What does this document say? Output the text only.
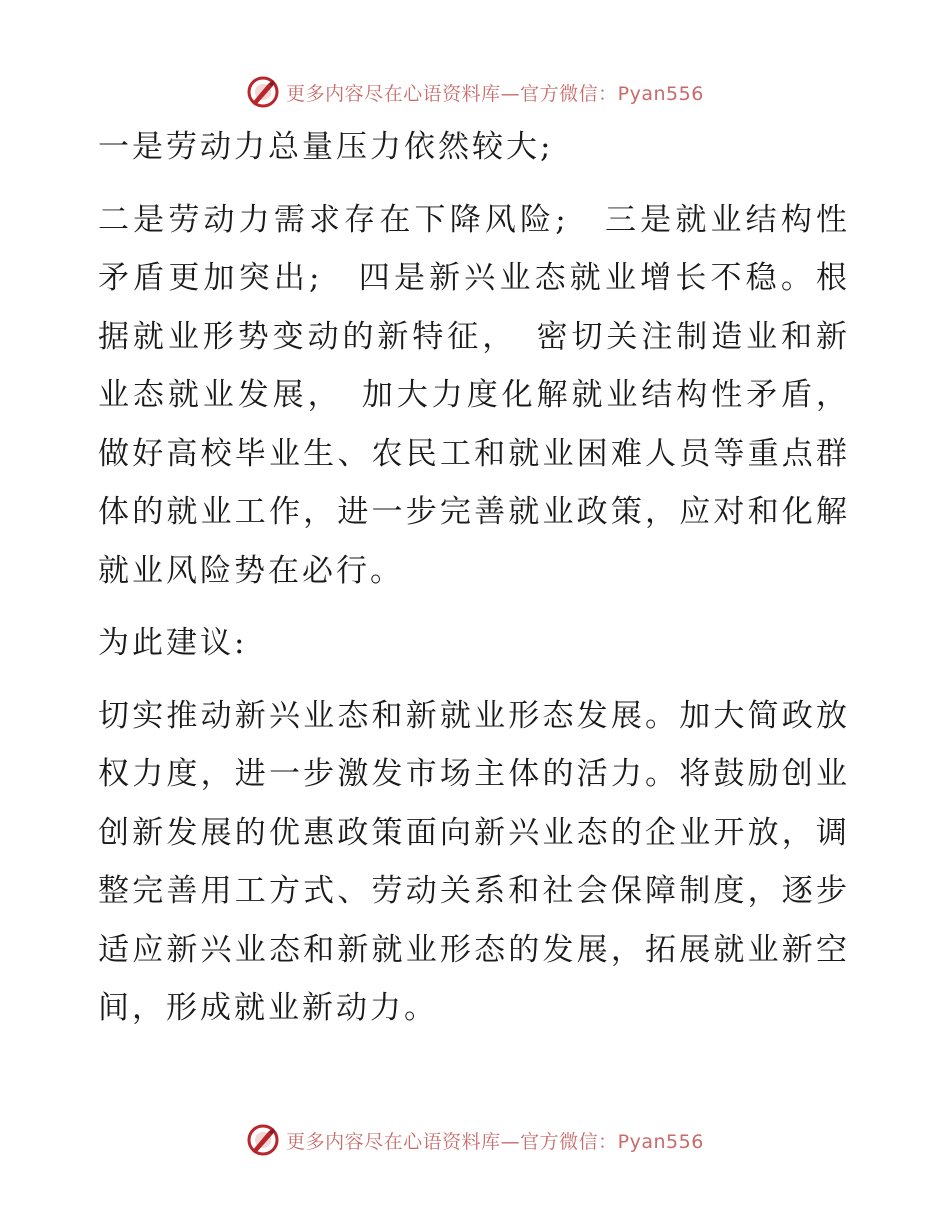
更多内容尽在心语资料库—官方微信：Pyan556

一是劳动力总量压力依然较大;

二是劳动力需求存在下降风险;　三是就业结构性矛盾更加突出;　四是新兴业态就业增长不稳。根据就业形势变动的新特征，　密切关注制造业和新业态就业发展，　加大力度化解就业结构性矛盾，做好高校毕业生、农民工和就业困难人员等重点群体的就业工作，进一步完善就业政策，应对和化解就业风险势在必行。

为此建议:

切实推动新兴业态和新就业形态发展。加大简政放权力度，进一步激发市场主体的活力。将鼓励创业创新发展的优惠政策面向新兴业态的企业开放，调整完善用工方式、劳动关系和社会保障制度，逐步适应新兴业态和新就业形态的发展，拓展就业新空间，形成就业新动力。

更多内容尽在心语资料库—官方微信：Pyan556
